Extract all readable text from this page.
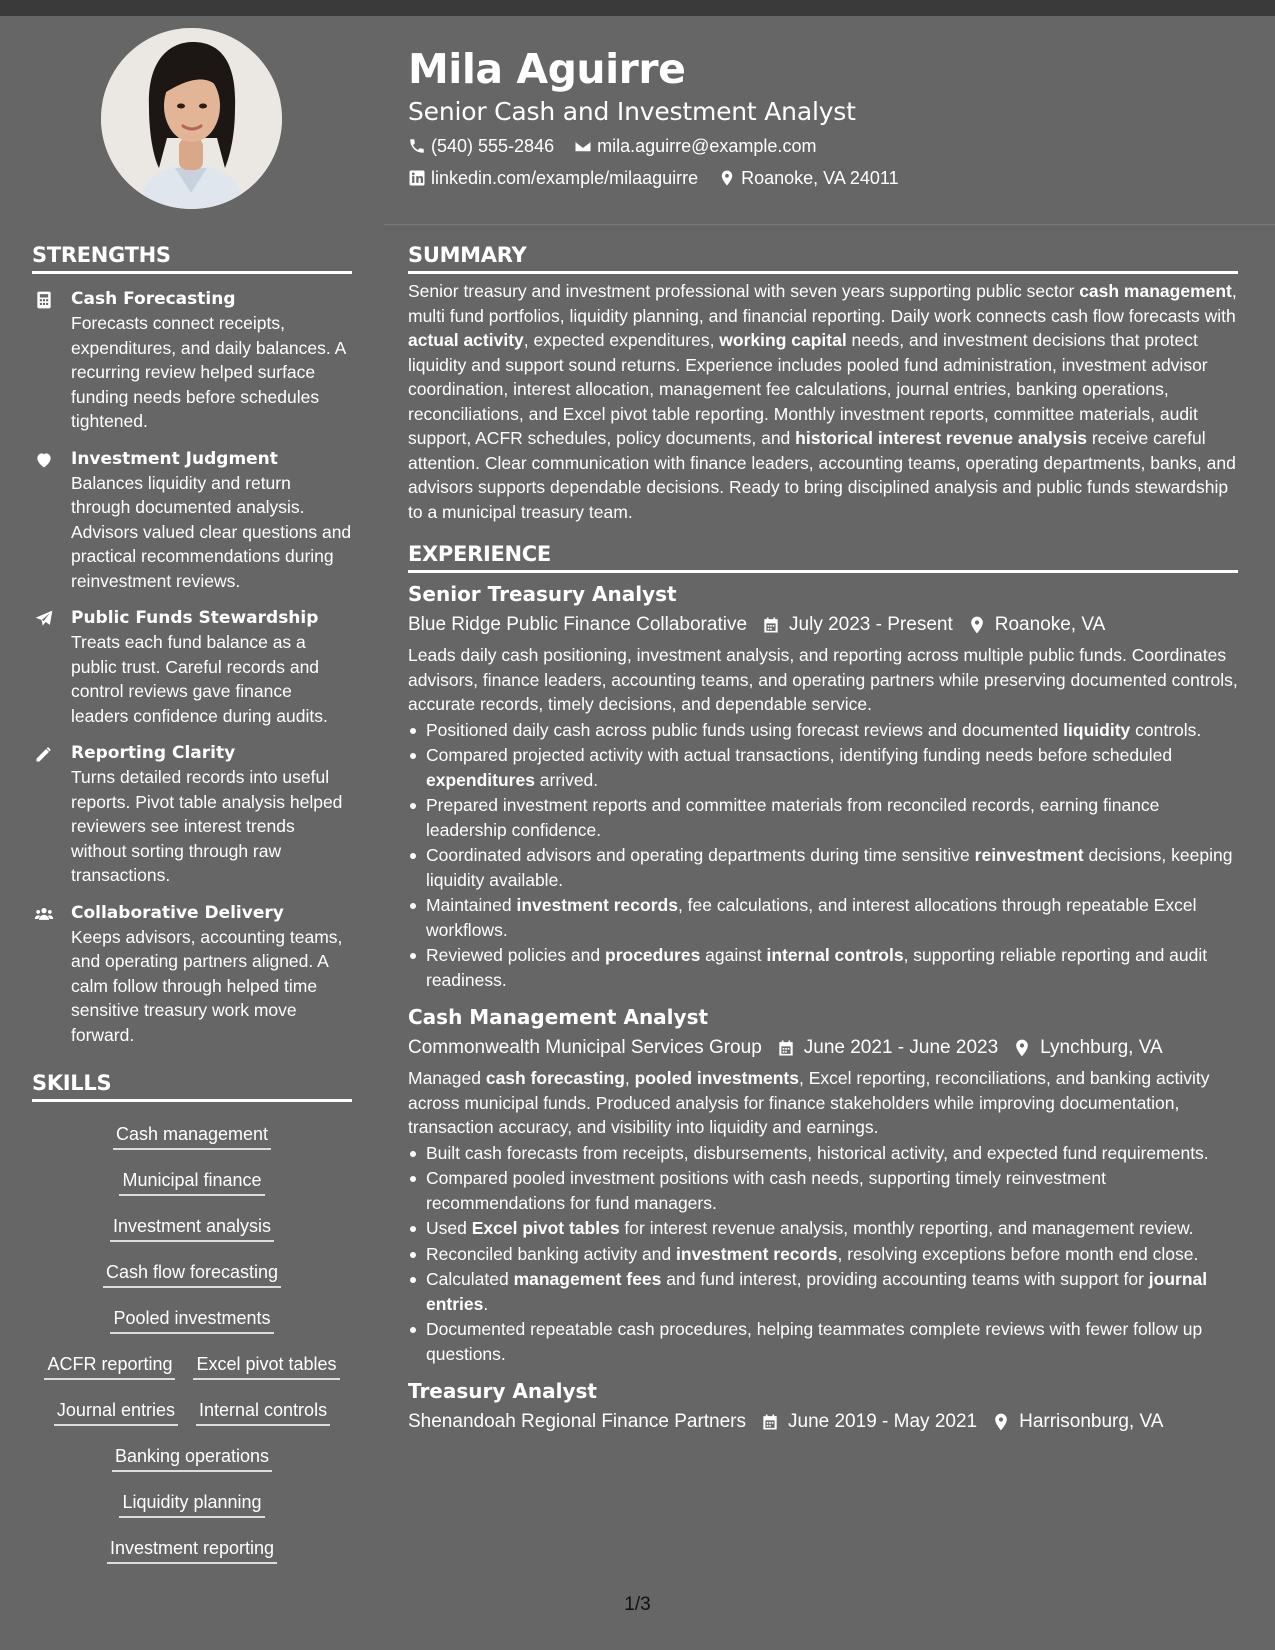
Mila Aguirre
Senior Cash and Investment Analyst
(540) 555-2846 mila.aguirre@example.com
linkedin.com/example/milaaguirre Roanoke, VA 24011
STRENGTHS
Cash Forecasting
Forecasts connect receipts, expenditures, and daily balances. A recurring review helped surface funding needs before schedules tightened.
Investment Judgment
Balances liquidity and return through documented analysis. Advisors valued clear questions and practical recommendations during reinvestment reviews.
Public Funds Stewardship
Treats each fund balance as a public trust. Careful records and control reviews gave finance leaders confidence during audits.
Reporting Clarity
Turns detailed records into useful reports. Pivot table analysis helped reviewers see interest trends without sorting through raw transactions.
Collaborative Delivery
Keeps advisors, accounting teams, and operating partners aligned. A calm follow through helped time sensitive treasury work move forward.
SKILLS
Cash management
Municipal finance
Investment analysis
Cash flow forecasting
Pooled investments
ACFR reporting Excel pivot tables
Journal entries Internal controls
Banking operations
Liquidity planning
Investment reporting
SUMMARY
Senior treasury and investment professional with seven years supporting public sector cash management, multi fund portfolios, liquidity planning, and financial reporting. Daily work connects cash flow forecasts with actual activity, expected expenditures, working capital needs, and investment decisions that protect liquidity and support sound returns. Experience includes pooled fund administration, investment advisor coordination, interest allocation, management fee calculations, journal entries, banking operations, reconciliations, and Excel pivot table reporting. Monthly investment reports, committee materials, audit support, ACFR schedules, policy documents, and historical interest revenue analysis receive careful attention. Clear communication with finance leaders, accounting teams, operating departments, banks, and advisors supports dependable decisions. Ready to bring disciplined analysis and public funds stewardship to a municipal treasury team.
EXPERIENCE
Senior Treasury Analyst
Blue Ridge Public Finance Collaborative July 2023 - Present Roanoke, VA
Leads daily cash positioning, investment analysis, and reporting across multiple public funds. Coordinates advisors, finance leaders, accounting teams, and operating partners while preserving documented controls, accurate records, timely decisions, and dependable service.
Positioned daily cash across public funds using forecast reviews and documented liquidity controls.
Compared projected activity with actual transactions, identifying funding needs before scheduled expenditures arrived.
Prepared investment reports and committee materials from reconciled records, earning finance leadership confidence.
Coordinated advisors and operating departments during time sensitive reinvestment decisions, keeping liquidity available.
Maintained investment records, fee calculations, and interest allocations through repeatable Excel workflows.
Reviewed policies and procedures against internal controls, supporting reliable reporting and audit readiness.
Cash Management Analyst
Commonwealth Municipal Services Group June 2021 - June 2023 Lynchburg, VA
Managed cash forecasting, pooled investments, Excel reporting, reconciliations, and banking activity across municipal funds. Produced analysis for finance stakeholders while improving documentation, transaction accuracy, and visibility into liquidity and earnings.
Built cash forecasts from receipts, disbursements, historical activity, and expected fund requirements.
Compared pooled investment positions with cash needs, supporting timely reinvestment recommendations for fund managers.
Used Excel pivot tables for interest revenue analysis, monthly reporting, and management review.
Reconciled banking activity and investment records, resolving exceptions before month end close.
Calculated management fees and fund interest, providing accounting teams with support for journal entries.
Documented repeatable cash procedures, helping teammates complete reviews with fewer follow up questions.
Treasury Analyst
Shenandoah Regional Finance Partners June 2019 - May 2021 Harrisonburg, VA
1/3
